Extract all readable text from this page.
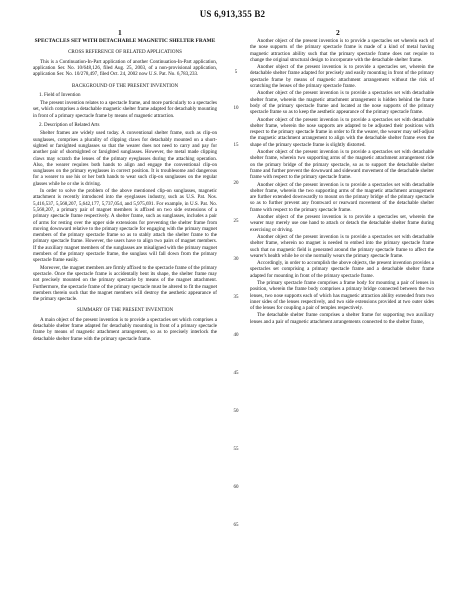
US 6,913,355 B2
1	2
SPECTACLES SET WITH DETACHABLE MAGNETIC SHELTER FRAME
CROSS REFERENCE OF RELATED APPLICATIONS

This is a Continuation-In-Part application of another Continuation-In-Part application, application Ser. No. 10/648,126, filed Aug. 25, 2003, of a non-provisional application, application Ser. No. 10/278,497, filed Oct. 24, 2002 now U.S. Pat. No. 6,783,233.

BACKGROUND OF THE PRESENT INVENTION
1. Field of Invention

The present invention relates to a spectacle frame, and more particularly to a spectacles set, which comprises a detachable magnetic shelter frame adapted for detachably mounting in front of a primary spectacle frame by means of magnetic attraction.

2. Description of Related Arts

Shelter frames are widely used today. A conventional shelter frame, such as clip-on sunglasses, comprises a plurality of clipping claws for detachably mounted on a short-sighted or farsighted sunglasses so that the wearer does not need to carry and pay for another pair of shortsighted or farsighted sunglasses. However, the metal made clipping claws may scratch the lenses of the primary eyeglasses during the attaching operation. Also, the wearer requires both hands to align and engage the conventional clip-on sunglasses on the primary eyeglasses in correct position. It is troublesome and dangerous for a wearer to use his or her both hands to wear such clip-on sunglasses on the regular glasses while he or she is driving.

In order to solve the problem of the above mentioned clip-on sunglasses, magnetic attachment is recently introduced into the eyeglasses industry, such as U.S. Pat. Nos. 5,416,537, 5,568,207, 5,642,177, 5,737,054, and 5,975,691. For example, in U.S. Pat. No. 5,568,207, a primary pair of magnet members is affixed on two side extensions of a primary spectacle frame respectively. A shelter frame, such as sunglasses, includes a pair of arms for resting over the upper side extensions for preventing the shelter frame from moving downward relative to the primary spectacle for engaging with the primary magnet members of the primary spectacle frame so as to stably attach the shelter frame to the primary spectacle frame. However, the users have to align two pairs of magnet members. If the auxiliary magnet members of the sunglasses are misaligned with the primary magnet members of the primary spectacle frame, the sunglass will fall down from the primary spectacle frame easily.

Moreover, the magnet members are firmly affixed to the spectacle frame of the primary spectacle. Once the spectacle frame is accidentally bent its shape, the shelter frame may not precisely mounted on the primary spectacle by means of the magnet attachment. Furthermore, the spectacle frame of the primary spectacle must be altered to fit the magnet members therein such that the magnet members will destroy the aesthetic appearance of the primary spectacle.

SUMMARY OF THE PRESENT INVENTION

A main object of the present invention is to provide a spectacles set which comprises a detachable shelter frame adapted for detachably mounting in front of a primary spectacle frame by means of magnetic attachment arrangement, so as to precisely interlock the detachable shelter frame with the primary spectacle frame.

Another object of the present invention is to provide a spectacles set wherein each of the nose supports of the primary spectacle frame is made of a kind of metal having magnetic attraction ability such that the primary spectacle frame does not require to change the original structural design to incorporate with the detachable shelter frame.

Another object of the present invention is to provide a spectacles set, wherein the detachable shelter frame adapted for precisely and easily mounting in front of the primary spectacle frame by means of magnetic attachment arrangement without the risk of scratching the lenses of the primary spectacle frame.

Another object of the present invention is to provide a spectacles set with detachable shelter frame, wherein the magnetic attachment arrangement is hidden behind the frame body of the primary spectacle frame and located at the nose supports of the primary spectacle frame so as to keep the aesthetic appearance of the primary spectacle frame.

Another object of the present invention is to provide a spectacles set with detachable shelter frame, wherein the nose supports are adapted to be adjusted their positions with respect to the primary spectacle frame in order to fit the wearer, the wearer may self-adjust the magnetic attachment arrangement to align with the detachable shelter frame even the shape of the primary spectacle frame is slightly distorted.

Another object of the present invention is to provide a spectacles set with detachable shelter frame, wherein two supporting arms of the magnetic attachment arrangement ride on the primary bridge of the primary spectacle, so as to support the detachable shelter frame and further prevent the downward and sideward movement of the detachable shelter frame with respect to the primary spectacle frame.

Another object of the present invention is to provide a spectacles set with detachable shelter frame, wherein the two supporting arms of the magnetic attachment arrangement are further extended downwardly to mount on the primary bridge of the primary spectacle so as to further prevent any frontward or rearward movement of the detachable shelter frame with respect to the primary spectacle frame.

Another object of the present invention is to provide a spectacles set, wherein the wearer may merely use one hand to attach or detach the detachable shelter frame during exercising or driving.

Another object of the present invention is to provide a spectacles set with detachable shelter frame, wherein no magnet is needed to embed into the primary spectacle frame such that no magnetic field is generated around the primary spectacle frame to affect the wearer's health while he or she normally wears the primary spectacle frame.

Accordingly, in order to accomplish the above objects, the present invention provides a spectacles set comprising a primary spectacle frame and a detachable shelter frame adapted for mounting in front of the primary spectacle frame.

The primary spectacle frame comprises a frame body for mounting a pair of lenses in position, wherein the frame body comprises a primary bridge connected between the two lenses, two nose supports each of which has magnetic attraction ability extended from two inner sides of the lenses respectively, and two side extensions provided at two outer sides of the lenses for coupling a pair of temples respectively.

The detachable shelter frame comprises a shelter frame for supporting two auxiliary lenses and a pair of magnetic attachment arrangements connected to the shelter frame,

5
10
15
20
25
30
35
40
45
50
55
60
65
